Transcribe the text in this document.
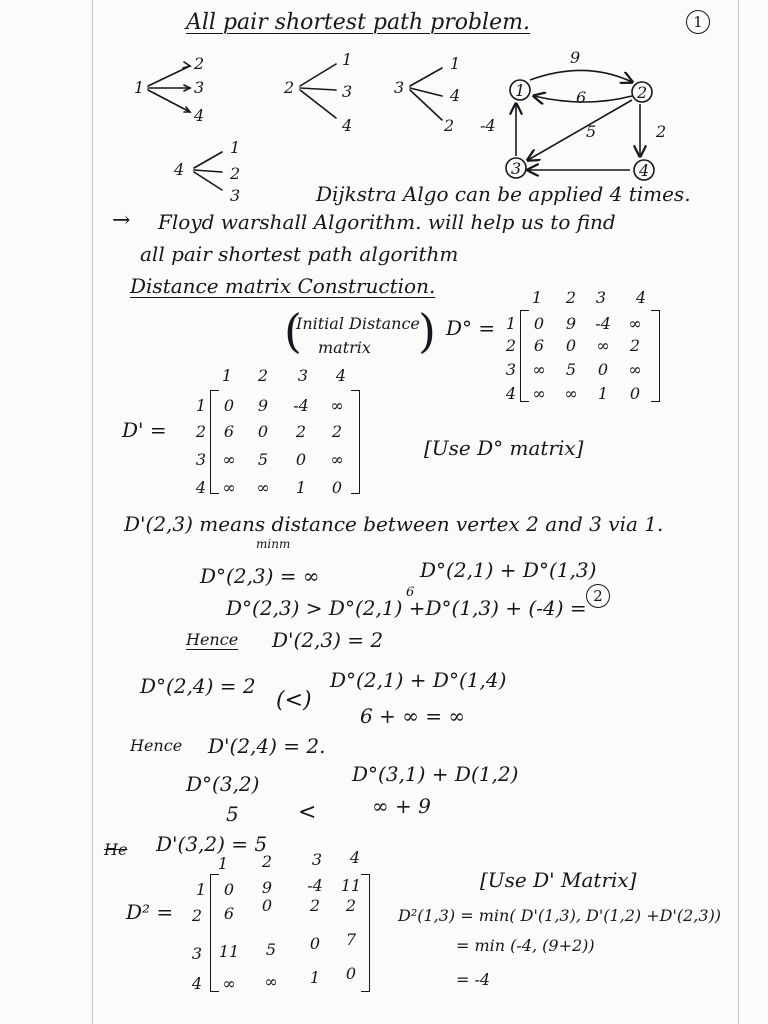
All pair shortest path problem.	1
1
2
3
4
2
1
3
4
3
1
4
2
4
1
2
3
1	2
3	4
9
6
-4	5	2
Dijkstra Algo can be applied 4 times.
→ Floyd warshall Algorithm. will help us to find
all pair shortest path algorithm
Distance matrix Construction.
Initial Distance
matrix
(	) D° =
1	2	3	4
1
2
3
4
0	9	-4	∞
6	0	∞	2
∞	5	0	∞
∞	∞	1	0
D' =
1	2	3	4
1
2
3
4
0	9	-4	∞
6	0	2	2
∞	5	0	∞
∞	∞	1	0
[Use D° matrix]
D'(2,3) means distance between vertex 2 and 3 via 1.
minm
D°(2,3) = ∞	D°(2,1) + D°(1,3)
D°(2,3) > D°(2,1) +D°(1,3) + (-4) =
6	2
Hence D'(2,3) = 2
D°(2,4) = 2
(<)
D°(2,1) + D°(1,4)
6 + ∞ = ∞
Hence D'(2,4) = 2.
D°(3,2)	D°(3,1) + D(1,2)
5	<	∞ + 9
He D'(3,2) = 5
D² =
1	2	3	4
1
2
3
4
0	9	-4	11
6	0	2	2
11	5	0	7
∞	∞	1	0
[Use D' Matrix]
D²(1,3) = min( D'(1,3), D'(1,2) +D'(2,3))
= min (-4, (9+2))
= -4
